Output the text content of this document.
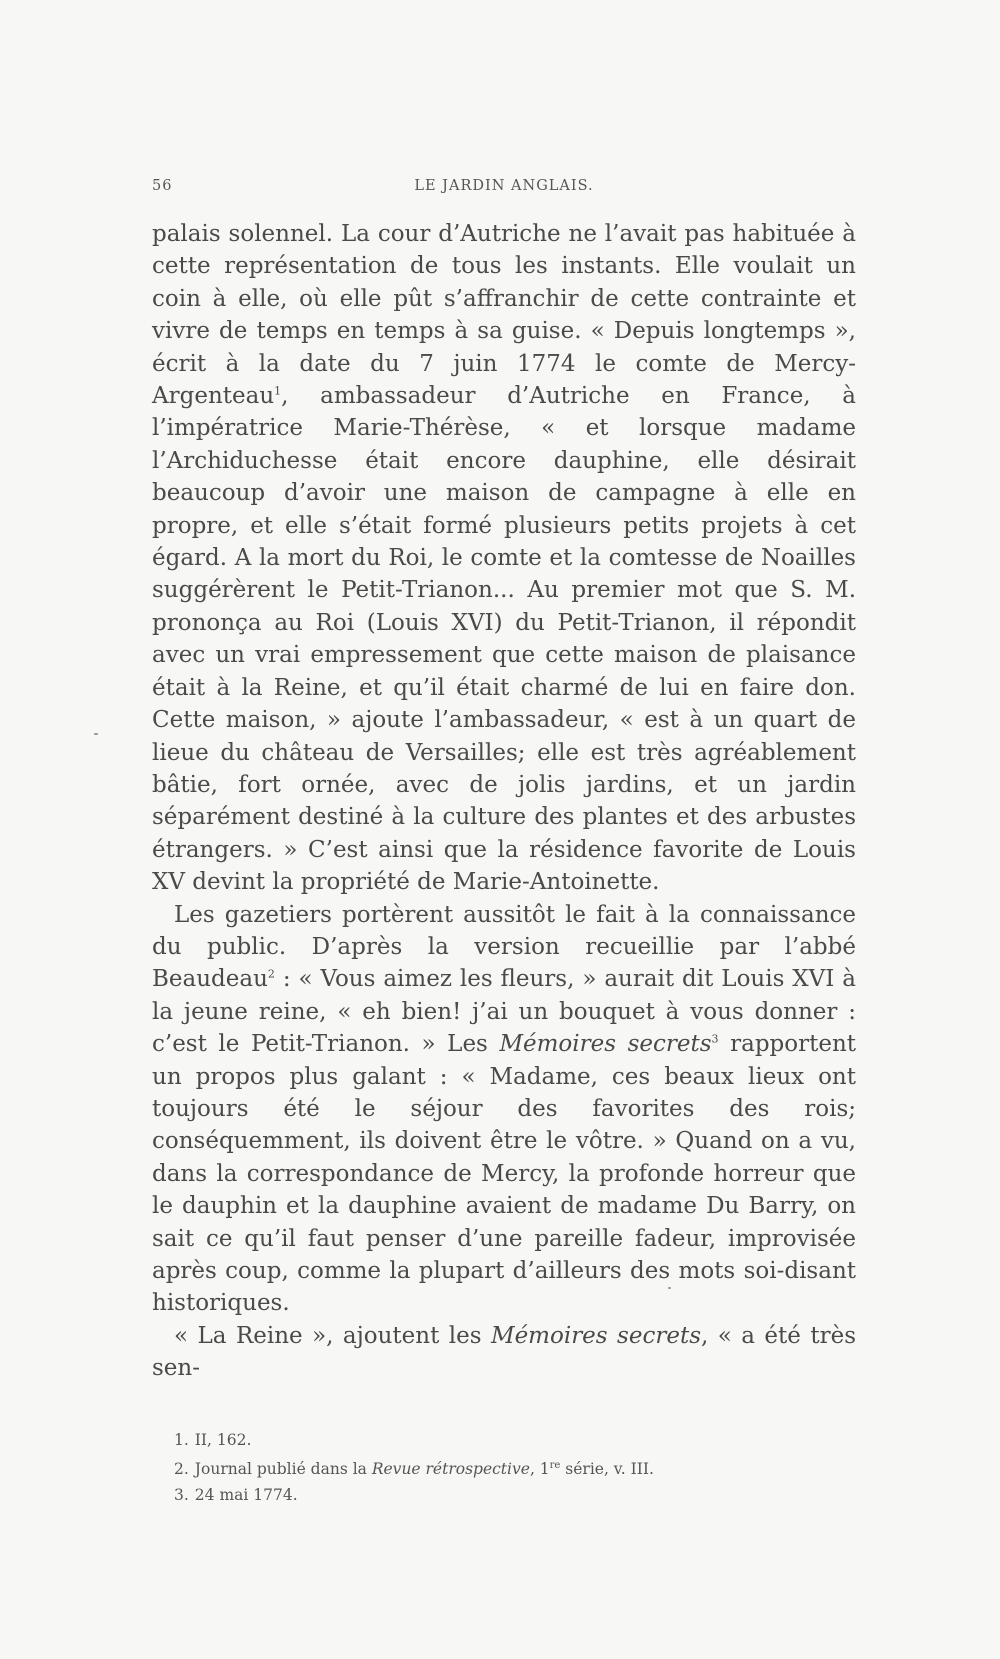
56	LE JARDIN ANGLAIS.

palais solennel. La cour d’Autriche ne l’avait pas habituée à cette représentation de tous les instants. Elle voulait un coin à elle, où elle pût s’affranchir de cette contrainte et vivre de temps en temps à sa guise. « Depuis longtemps », écrit à la date du 7 juin 1774 le comte de Mercy-Argenteau$^1$, ambassadeur d’Autriche en France, à l’impératrice Marie-Thérèse, « et lorsque madame l’Archiduchesse était encore dauphine, elle désirait beaucoup d’avoir une maison de campagne à elle en propre, et elle s’était formé plusieurs petits projets à cet égard. A la mort du Roi, le comte et la comtesse de Noailles suggérèrent le Petit-Trianon... Au premier mot que S. M. prononça au Roi (Louis XVI) du Petit-Trianon, il répondit avec un vrai empressement que cette maison de plaisance était à la Reine, et qu’il était charmé de lui en faire don. Cette maison, » ajoute l’ambassadeur, « est à un quart de lieue du château de Versailles; elle est très agréablement bâtie, fort ornée, avec de jolis jardins, et un jardin séparément destiné à la culture des plantes et des arbustes étrangers. » C’est ainsi que la résidence favorite de Louis XV devint la propriété de Marie-Antoinette.

Les gazetiers portèrent aussitôt le fait à la connaissance du public. D’après la version recueillie par l’abbé Beaudeau$^2$ : « Vous aimez les fleurs, » aurait dit Louis XVI à la jeune reine, « eh bien! j’ai un bouquet à vous donner : c’est le Petit-Trianon. » Les Mémoires secrets$^3$ rapportent un propos plus galant : « Madame, ces beaux lieux ont toujours été le séjour des favorites des rois; conséquemment, ils doivent être le vôtre. » Quand on a vu, dans la correspondance de Mercy, la profonde horreur que le dauphin et la dauphine avaient de madame Du Barry, on sait ce qu’il faut penser d’une pareille fadeur, improvisée après coup, comme la plupart d’ailleurs des mots soi-disant historiques.

« La Reine », ajoutent les Mémoires secrets, « a été très sen-

1. II, 162.
2. Journal publié dans la Revue rétrospective, 1re série, v. III.
3. 24 mai 1774.
